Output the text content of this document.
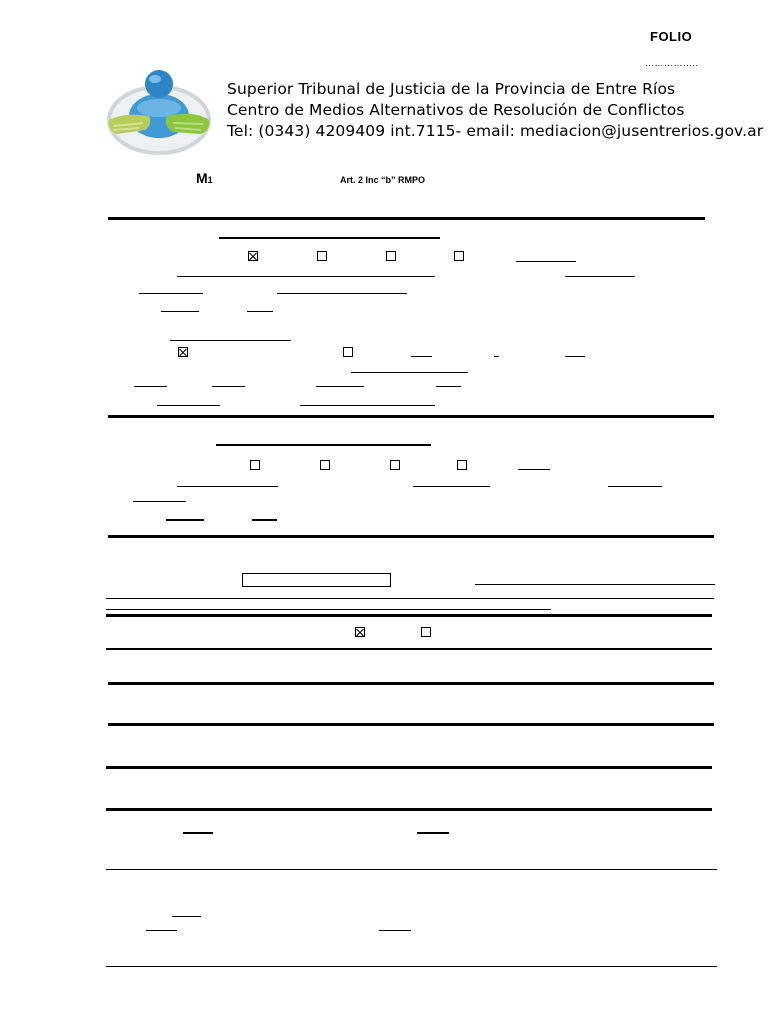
FOLIO
……………..
Superior Tribunal de Justicia de la Provincia de Entre Ríos
Centro de Medios Alternativos de Resolución de Conflictos
Tel: (0343) 4209409 int.7115- email: mediacion@jusentrerios.gov.ar
M1	Art. 2 Inc “b” RMPO
